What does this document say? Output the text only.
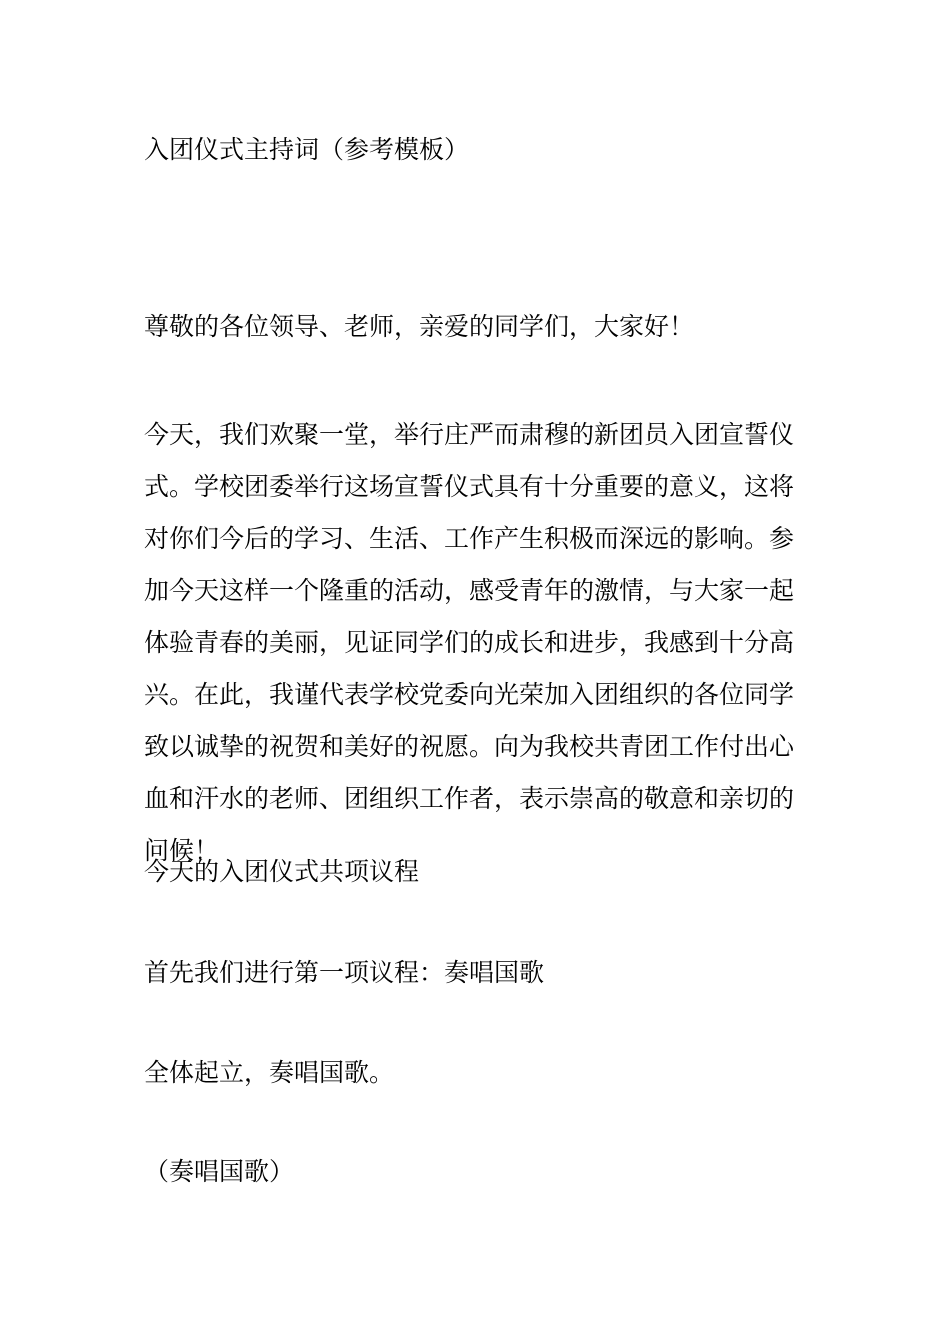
入团仪式主持词（参考模板）
尊敬的各位领导、老师，亲爱的同学们，大家好！
今天，我们欢聚一堂，举行庄严而肃穆的新团员入团宣誓仪式。学校团委举行这场宣誓仪式具有十分重要的意义，这将对你们今后的学习、生活、工作产生积极而深远的影响。参加今天这样一个隆重的活动，感受青年的激情，与大家一起体验青春的美丽，见证同学们的成长和进步，我感到十分高兴。在此，我谨代表学校党委向光荣加入团组织的各位同学致以诚挚的祝贺和美好的祝愿。向为我校共青团工作付出心血和汗水的老师、团组织工作者，表示崇高的敬意和亲切的问候！
今天的入团仪式共项议程
首先我们进行第一项议程：奏唱国歌
全体起立，奏唱国歌。
（奏唱国歌）
